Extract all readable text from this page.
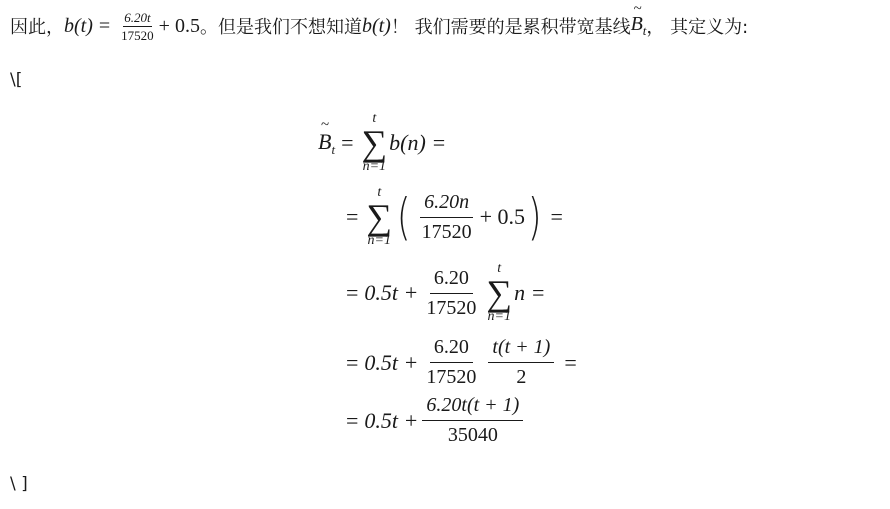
因此， $b(t) = \frac{6.20t}{17520} + 0.5$ 。但是我们不想知道 b(t) ！ 我们需要的是累积带宽基线
~
$B_t$ ， 其定义为:
\[
~
$B_t$ =
t
∑
n=1
b(n) =
=
t
∑
n=1 ( $\frac{6.20n}{17520} + 0.5$ ) =
= $0.5t + \frac{6.20}{17520}$ t
∑
n=1
n =
= $0.5t + \frac{6.20}{17520} \frac{t(t + 1)}{2}$ =
= $0.5t + \frac{6.20t(t + 1)}{35040}$
\ ]
